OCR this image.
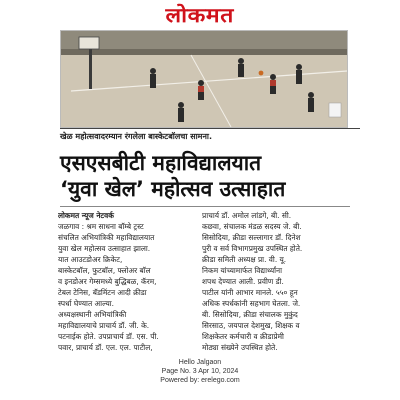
लोकमत
खेळ महोत्सवादरम्यान रंगलेला बास्केटबॉलचा सामना.
एसएसबीटी महाविद्यालयात
‘युवा खेल’ महोत्सव उत्साहात

लोकमत न्यूज नेटवर्क

जळगाव : श्रम साधना बॉम्बे ट्रस्ट

संचलित अभियांत्रिकी महाविद्यालयात

युवा खेल महोत्सव उत्साहात झाला.

यात आउटडोअर क्रिकेट,

बास्केटबॉल, फुटबॉल, फ्लोअर बॉल

व इनडोअर गेम्समध्ये बुद्धिबळ, कॅरम,

टेबल टेनिस, बॅडमिंटन आदी क्रीडा

स्पर्धा घेण्यात आल्या.

अध्यक्षस्थानी अभियांत्रिकी

महाविद्यालयाचे प्राचार्य डॉ. जी. के.

पटनाईक होते. उपप्राचार्य डॉ. एस. पी.

पवार, प्राचार्य डॉ. एल. एल. पाटील,

प्राचार्य डॉ. अमोल लांडगे, बी. सी.

कछवा, संचालक मंडळ सदस्य जे. बी.

सिसोदिया, क्रीडा सल्लागार डॉ. दिनेश

पुरी व सर्व विभागप्रमुख उपस्थित होते.

क्रीडा समिती अध्यक्ष प्रा. वी. यू.

निकम यांच्यामार्फत विद्यार्थ्यांना

शपथ देण्यात आली. प्रवीण डी.

पाटील यांनी आभार मानले. ५५० हून

अधिक स्पर्धकांनी सहभाग घेतला. जे.

बी. सिसोदिया, क्रीडा संचालक मुकुंद

सिरसाठ, जयपाल देशमुख, शिक्षक व

शिक्षकेतर कर्मचारी व क्रीडाप्रेमी

मोठ्या संख्येने उपस्थित होते.

Hello Jalgaon
Page No. 3 Apr 10, 2024
Powered by: erelego.com
